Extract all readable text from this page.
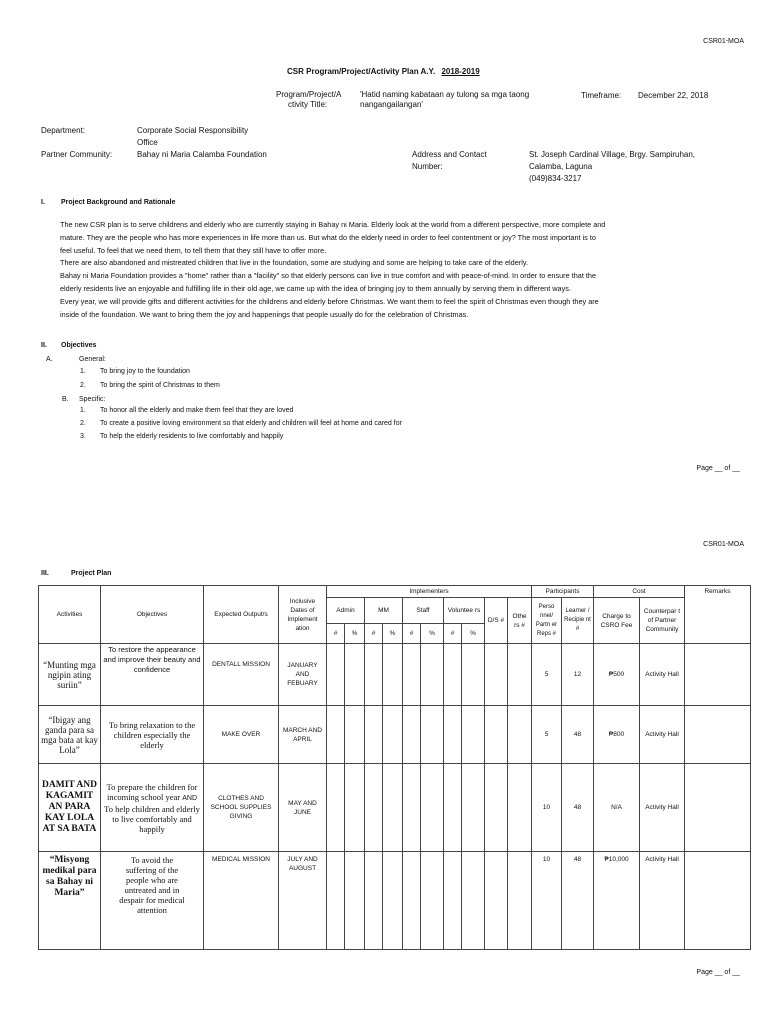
CSR01-MOA
CSR Program/Project/Activity Plan A.Y. 2018-2019
Program/Project/A
ctivity Title:
'Hatid naming kabataan ay tulong sa mga taong
nangangailangan'
Timeframe: December 22, 2018
Department:	Corporate Social Responsibility
Office
Partner Community:	Bahay ni Maria Calamba Foundation	Address and Contact
Number:
St. Joseph Cardinal Village, Brgy. Sampiruhan,
Calamba, Laguna
(049)834-3217
I. Project Background and Rationale

The new CSR plan is to serve childrens and elderly who are currently staying in Bahay ni Maria. Elderly look at the world from a different perspective, more complete and

mature. They are the people who has more experiences in life more than us. But what do the elderly need in order to feel contentment or joy? The most important is to

feel useful. To feel that we need them, to tell them that they still have to offer more.

There are also abandoned and mistreated children that live in the foundation, some are studying and some are helping to take care of the elderly.

Bahay ni Maria Foundation provides a "home" rather than a "facility" so that elderly persons can live in true comfort and with peace-of-mind. In order to ensure that the

elderly residents live an enjoyable and fulfilling life in their old age, we came up with the idea of bringing joy to them annually by serving them in different ways.

Every year, we will provide gifts and different activities for the childrens and elderly before Christmas. We want them to feel the spirit of Christmas even though they are

inside of the foundation. We want to bring them the joy and happenings that people usually do for the celebration of Christmas.

II. Objectives
A.	General:
1. To bring joy to the foundation
2. To bring the spirit of Christmas to them
B. Specific:
1. To honor all the elderly and make them feel that they are loved
2. To create a positive loving environment so that elderly and children will feel at home and cared for
3. To help the elderly residents to live comfortably and happily
Page __ of __
CSR01-MOA
III.	Project Plan
Activities	Objectives	Expected Output/s	Inclusive Dates of Implement ation	Implementers										Participants		Cost		Remarks
				Admin		MM		Staff		Voluntee rs		D/S #	Othe rs #	Perso nnel/ Partn er Reps #	Learner / Recipie nt #	Charge to CSRO Fee	Counterpar t of Partner Community	
				#	%	#	%	#	%	#	%							
“Munting mga ngipin ating suriin”	To restore the appearance and improve their beauty and confidence	DENTALL MISSION	JANUARY AND FEBUARY											5	12	₱500	Activity Hall	
“Ibigay ang ganda para sa mga bata at kay Lola”	To bring relaxation to the children especially the elderly	MAKE OVER	MARCH AND APRIL											5	48	₱800	Activity Hall	
DAMIT AND KAGAMIT AN PARA KAY LOLA AT SA BATA	To prepare the children for incoming school year AND To help children and elderly to live comfortably and happily	CLOTHES AND SCHOOL SUPPLIES GIVING	MAY AND JUNE											10	48	N/A	Activity Hall	
“Misyong medikal para sa Bahay ni Maria”	To avoid the suffering of the people who are untreated and in despair for medical attention	MEDICAL MISSION	JULY AND AUGUST											10	48	₱10,000	Activity Hall	
Page __ of __
